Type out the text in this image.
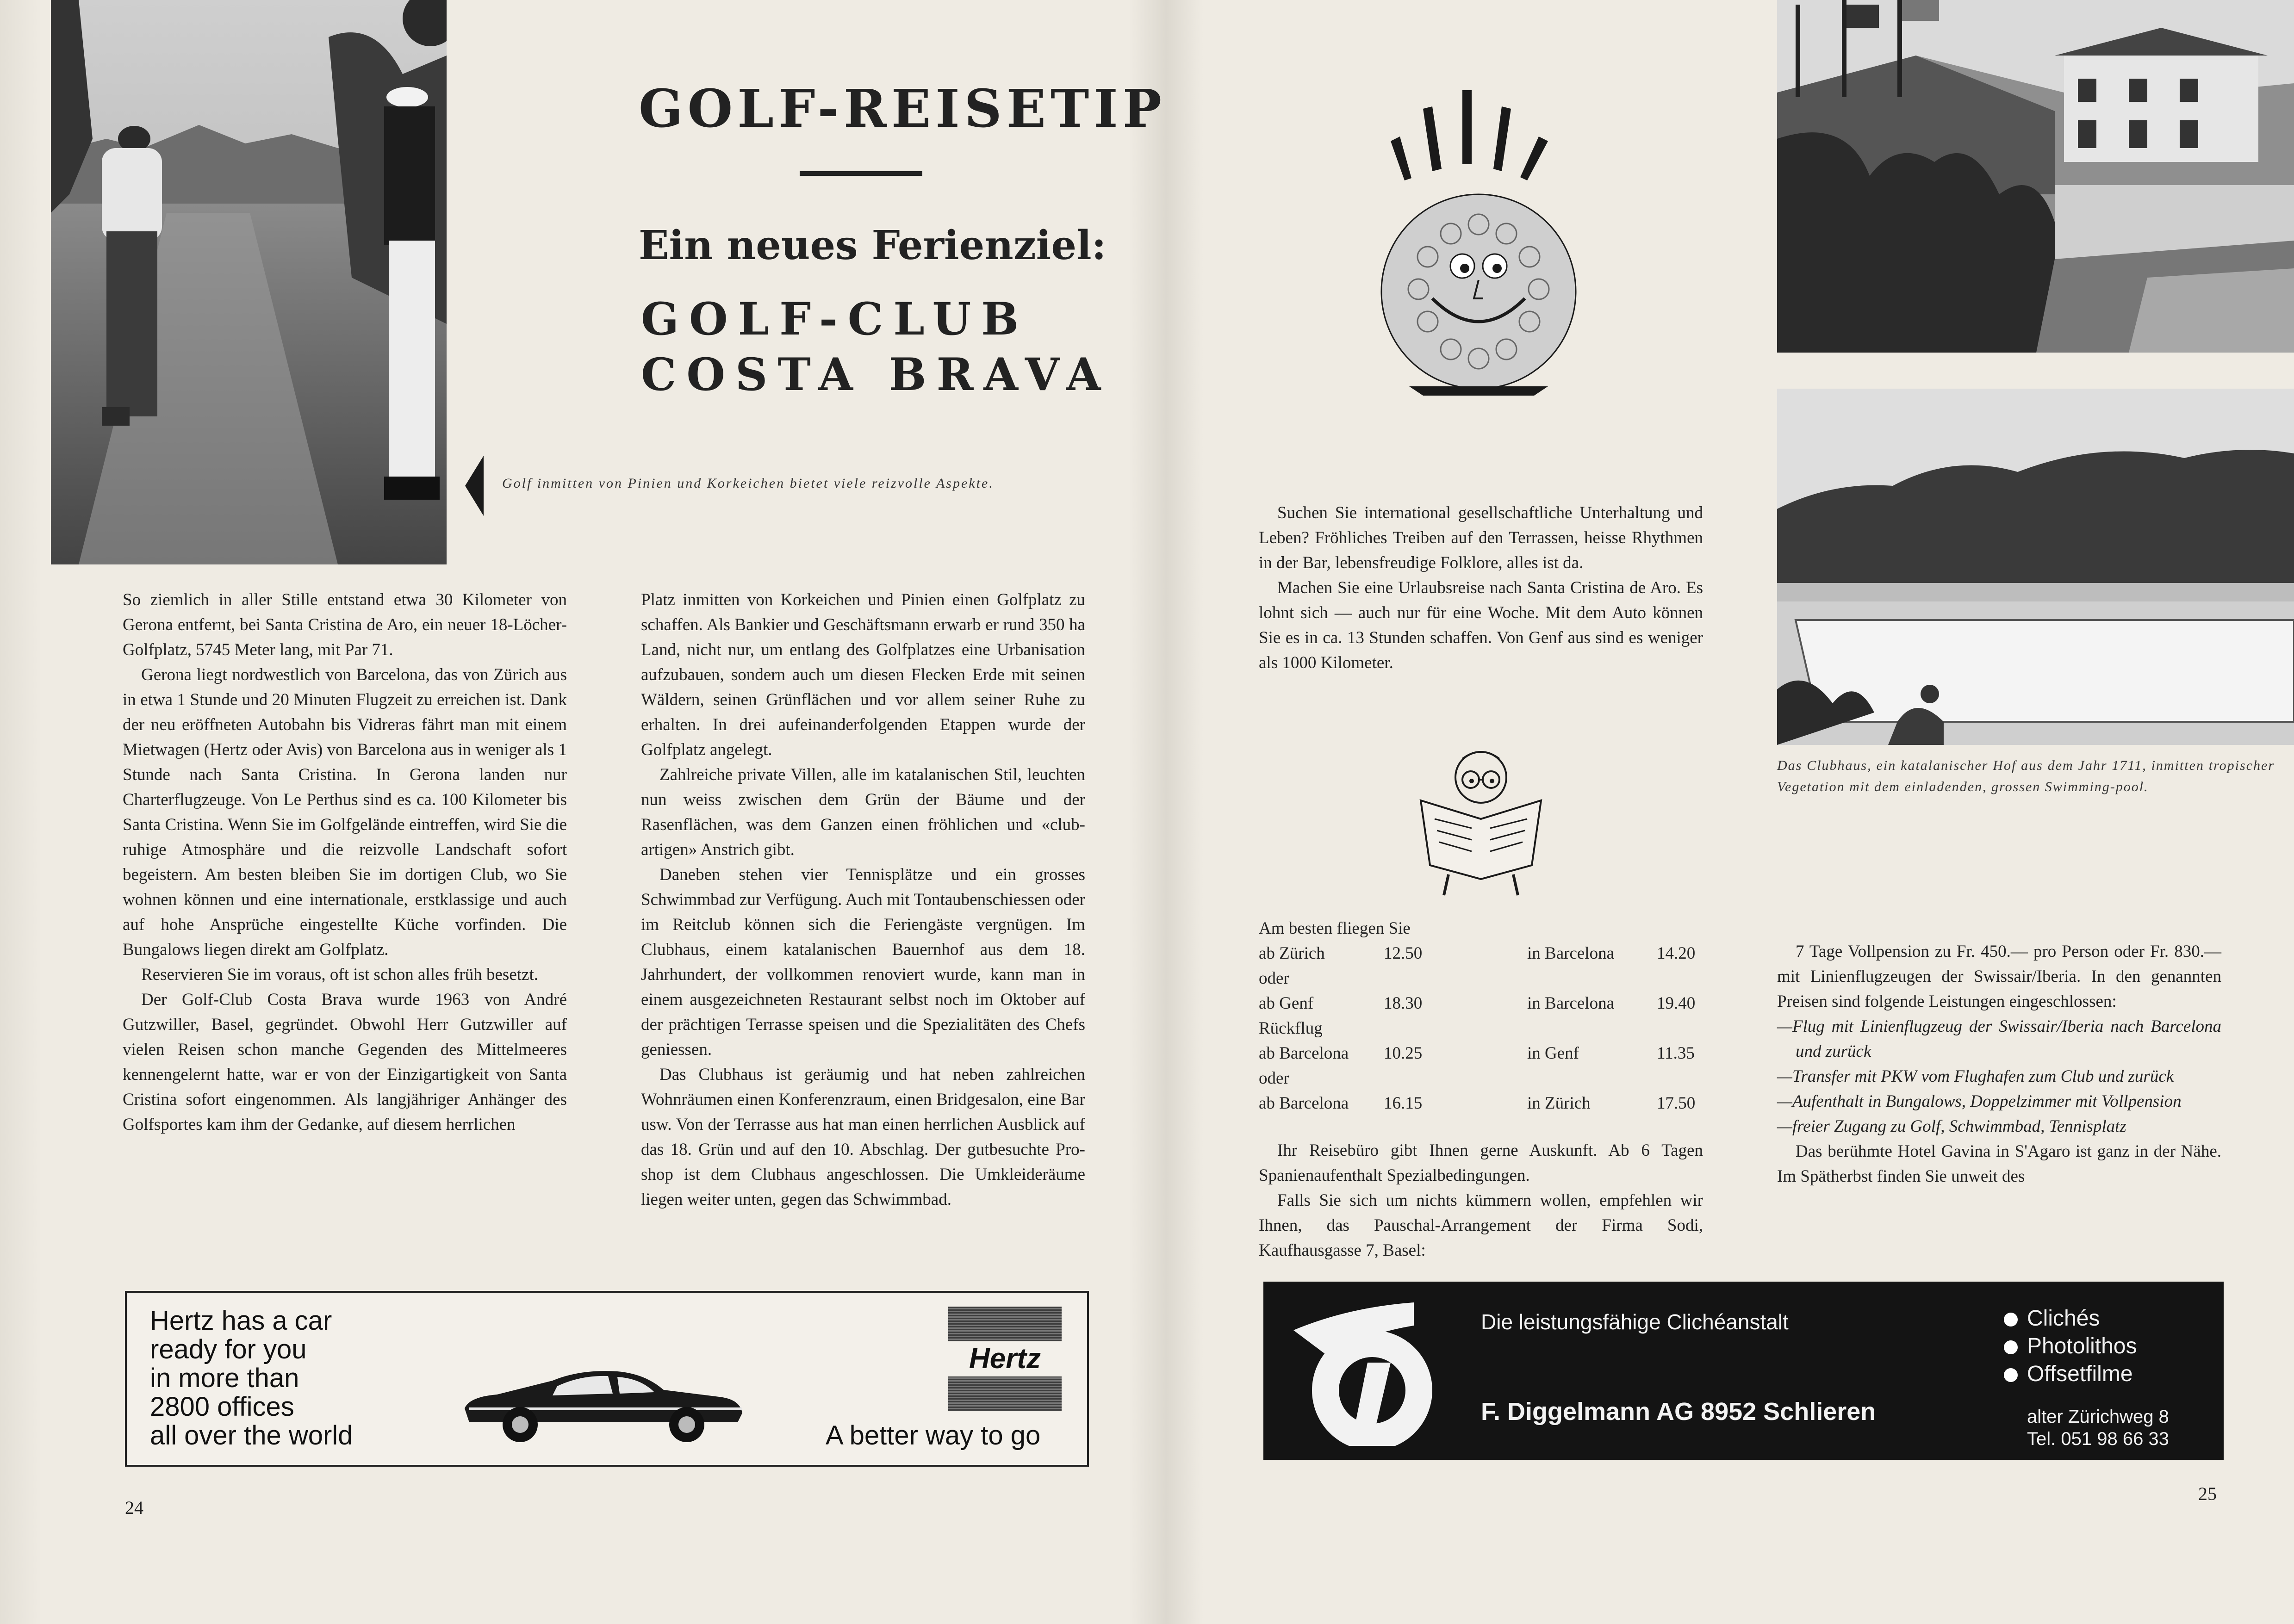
GOLF-REISETIP
Ein neues Ferienziel:
GOLF-CLUB
COSTA BRAVA
Golf inmitten von Pinien und Korkeichen bietet viele reizvolle Aspekte.

So ziemlich in aller Stille entstand etwa 30 Kilometer von Gerona entfernt, bei Santa Cristina de Aro, ein neuer 18-Löcher-Golfplatz, 5745 Meter lang, mit Par 71.

Gerona liegt nordwestlich von Barcelona, das von Zürich aus in etwa 1 Stunde und 20 Minuten Flugzeit zu erreichen ist. Dank der neu eröffneten Autobahn bis Vidreras fährt man mit einem Mietwagen (Hertz oder Avis) von Barcelona aus in weniger als 1 Stunde nach Santa Cristina. In Gerona landen nur Charterflugzeuge. Von Le Perthus sind es ca. 100 Kilometer bis Santa Cristina. Wenn Sie im Golfgelände eintreffen, wird Sie die ruhige Atmosphäre und die reizvolle Landschaft sofort begeistern. Am besten bleiben Sie im dortigen Club, wo Sie wohnen können und eine internationale, erstklassige und auch auf hohe Ansprüche eingestellte Küche vorfinden. Die Bungalows liegen direkt am Golfplatz.

Reservieren Sie im voraus, oft ist schon alles früh besetzt.

Der Golf-Club Costa Brava wurde 1963 von André Gutzwiller, Basel, gegründet. Obwohl Herr Gutzwiller auf vielen Reisen schon manche Gegenden des Mittelmeeres kennengelernt hatte, war er von der Einzigartigkeit von Santa Cristina sofort eingenommen. Als langjähriger Anhänger des Golfsportes kam ihm der Gedanke, auf diesem herrlichen

Platz inmitten von Korkeichen und Pinien einen Golfplatz zu schaffen. Als Bankier und Geschäftsmann erwarb er rund 350 ha Land, nicht nur, um entlang des Golfplatzes eine Urbanisation aufzubauen, sondern auch um diesen Flecken Erde mit seinen Wäldern, seinen Grünflächen und vor allem seiner Ruhe zu erhalten. In drei aufeinanderfolgenden Etappen wurde der Golfplatz angelegt.

Zahlreiche private Villen, alle im katalanischen Stil, leuchten nun weiss zwischen dem Grün der Bäume und der Rasenflächen, was dem Ganzen einen fröhlichen und «club-artigen» Anstrich gibt.

Daneben stehen vier Tennisplätze und ein grosses Schwimmbad zur Verfügung. Auch mit Tontaubenschiessen oder im Reitclub können sich die Feriengäste vergnügen. Im Clubhaus, einem katalanischen Bauernhof aus dem 18. Jahrhundert, der vollkommen renoviert wurde, kann man in einem ausgezeichneten Restaurant selbst noch im Oktober auf der prächtigen Terrasse speisen und die Spezialitäten des Chefs geniessen.

Das Clubhaus ist geräumig und hat neben zahlreichen Wohnräumen einen Konferenzraum, einen Bridgesalon, eine Bar usw. Von der Terrasse aus hat man einen herrlichen Ausblick auf das 18. Grün und auf den 10. Abschlag. Der gutbesuchte Pro-shop ist dem Clubhaus angeschlossen. Die Umkleideräume liegen weiter unten, gegen das Schwimmbad.

Hertz has a car
ready for you
in more than
2800 offices
all over the world
Hertz
A better way to go
24
Das Clubhaus, ein katalanischer Hof aus dem Jahr 1711, inmitten tropischer Vegetation mit dem einladenden, grossen Swimming-pool.

Suchen Sie international gesellschaftliche Unterhaltung und Leben? Fröhliches Treiben auf den Terrassen, heisse Rhythmen in der Bar, lebensfreudige Folklore, alles ist da.

Machen Sie eine Urlaubsreise nach Santa Cristina de Aro. Es lohnt sich — auch nur für eine Woche. Mit dem Auto können Sie es in ca. 13 Stunden schaffen. Von Genf aus sind es weniger als 1000 Kilometer.

Am besten fliegen Sie
ab Zürich	12.50	in Barcelona	14.20
oder
ab Genf	18.30	in Barcelona	19.40
Rückflug
ab Barcelona	10.25	in Genf	11.35
oder
ab Barcelona	16.15	in Zürich	17.50

Ihr Reisebüro gibt Ihnen gerne Auskunft. Ab 6 Tagen Spanienaufenthalt Spezialbedingungen.

Falls Sie sich um nichts kümmern wollen, empfehlen wir Ihnen, das Pauschal-Arrangement der Firma Sodi, Kaufhausgasse 7, Basel:

7 Tage Vollpension zu Fr. 450.— pro Person oder Fr. 830.— mit Linienflugzeugen der Swissair/Iberia. In den genannten Preisen sind folgende Leistungen eingeschlossen:

—Flug mit Linienflugzeug der Swissair/Iberia nach Barcelona und zurück
—Transfer mit PKW vom Flughafen zum Club und zurück
—Aufenthalt in Bungalows, Doppelzimmer mit Vollpension
—freier Zugang zu Golf, Schwimmbad, Tennisplatz

Das berühmte Hotel Gavina in S'Agaro ist ganz in der Nähe. Im Spätherbst finden Sie unweit des

Die leistungsfähige Clichéanstalt
F. Diggelmann AG 8952 Schlieren
Clichés
Photolithos
Offsetfilme
alter Zürichweg 8
Tel. 051 98 66 33
25
